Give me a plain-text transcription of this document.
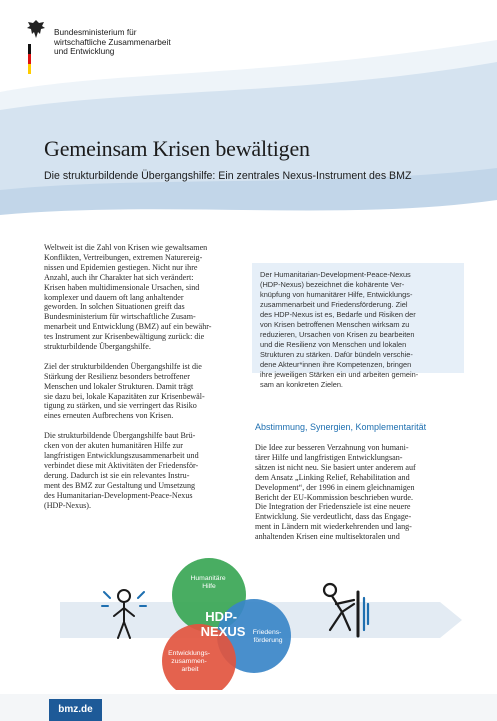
Bundesministerium für
wirtschaftliche Zusammenarbeit
und Entwicklung
Gemeinsam Krisen bewältigen
Die strukturbildende Übergangshilfe: Ein zentrales Nexus-Instrument des BMZ
Weltweit ist die Zahl von Krisen wie gewaltsamen
Konflikten, Vertreibungen, extremen Naturereig-
nissen und Epidemien gestiegen. Nicht nur ihre
Anzahl, auch ihr Charakter hat sich verändert:
Krisen haben multidimensionale Ursachen, sind
komplexer und dauern oft lang anhaltender
geworden. In solchen Situationen greift das
Bundesministerium für wirtschaftliche Zusam-
menarbeit und Entwicklung (BMZ) auf ein bewähr-
tes Instrument zur Krisenbewältigung zurück: die
strukturbildende Übergangshilfe.
Ziel der strukturbildenden Übergangshilfe ist die
Stärkung der Resilienz besonders betroffener
Menschen und lokaler Strukturen. Damit trägt
sie dazu bei, lokale Kapazitäten zur Krisenbewäl-
tigung zu stärken, und sie verringert das Risiko
eines erneuten Aufbrechens von Krisen.
Die strukturbildende Übergangshilfe baut Brü-
cken von der akuten humanitären Hilfe zur
langfristigen Entwicklungszusammenarbeit und
verbindet diese mit Aktivitäten der Friedensför-
derung. Dadurch ist sie ein relevantes Instru-
ment des BMZ zur Gestaltung und Umsetzung
des Humanitarian-Development-Peace-Nexus
(HDP-Nexus).
Der Humanitarian-Development-Peace-Nexus
(HDP-Nexus) bezeichnet die kohärente Ver-
knüpfung von humanitärer Hilfe, Entwicklungs-
zusammenarbeit und Friedensförderung. Ziel
des HDP-Nexus ist es, Bedarfe und Risiken der
von Krisen betroffenen Menschen wirksam zu
reduzieren, Ursachen von Krisen zu bearbeiten
und die Resilienz von Menschen und lokalen
Strukturen zu stärken. Dafür bündeln verschie-
dene Akteur*innen ihre Kompetenzen, bringen
ihre jeweiligen Stärken ein und arbeiten gemein-
sam an konkreten Zielen.
Abstimmung, Synergien, Komplementarität
Die Idee zur besseren Verzahnung von humani-
tärer Hilfe und langfristigen Entwicklungsan-
sätzen ist nicht neu. Sie basiert unter anderem auf
dem Ansatz „Linking Relief, Rehabilitation and
Development“, der 1996 in einem gleichnamigen
Bericht der EU-Kommission beschrieben wurde.
Die Integration der Friedensziele ist eine neuere
Entwicklung. Sie verdeutlicht, dass das Engage-
ment in Ländern mit wiederkehrenden und lang-
anhaltenden Krisen eine multisektoralen und
Humanitäre Hilfe
Friedens- förderung
Entwicklungs- zusammen- arbeit
HDP- NEXUS
bmz.de
